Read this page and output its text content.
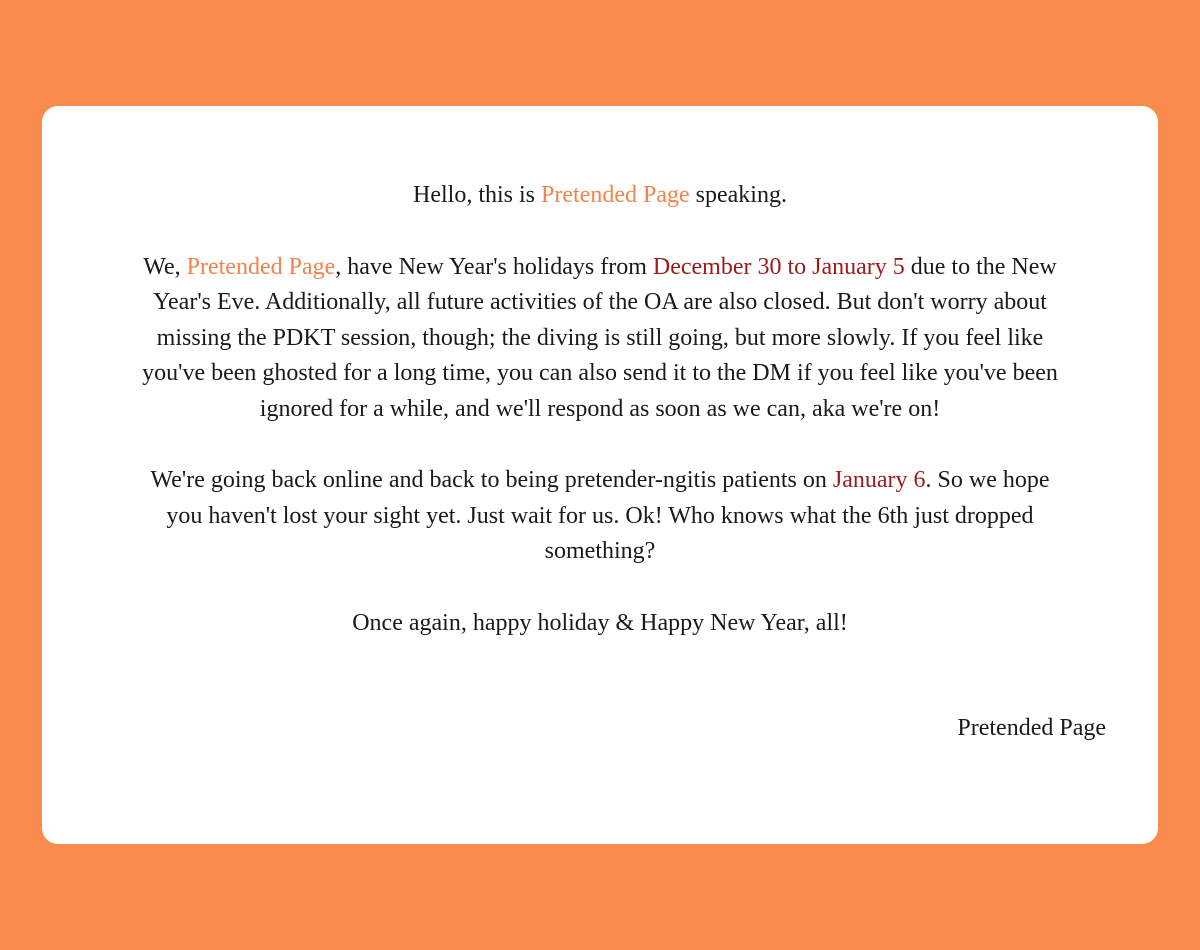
Hello, this is Pretended Page speaking.

We, Pretended Page, have New Year's holidays from December 30 to January 5 due to the New Year's Eve. Additionally, all future activities of the OA are also closed. But don't worry about missing the PDKT session, though; the diving is still going, but more slowly. If you feel like you've been ghosted for a long time, you can also send it to the DM if you feel like you've been ignored for a while, and we'll respond as soon as we can, aka we're on!

We're going back online and back to being pretender-ngitis patients on January 6. So we hope you haven't lost your sight yet. Just wait for us. Ok! Who knows what the 6th just dropped something?

Once again, happy holiday & Happy New Year, all!

Pretended Page
